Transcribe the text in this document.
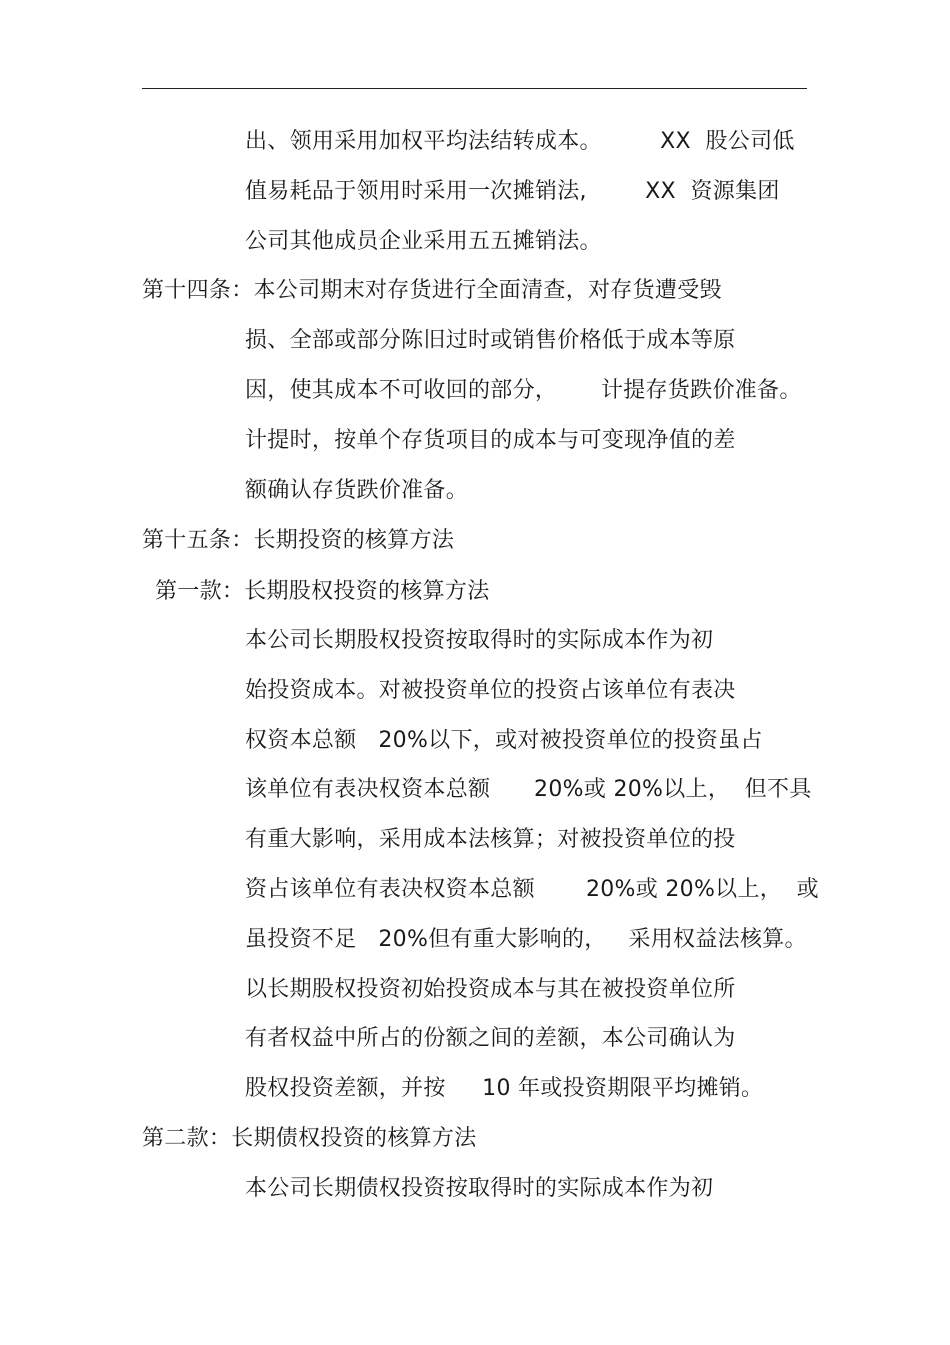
出、领用采用加权平均法结转成本。        XX  股公司低
值易耗品于领用时采用一次摊销法,        XX  资源集团
公司其他成员企业采用五五摊销法。
第十四条：本公司期末对存货进行全面清查，对存货遭受毁
损、全部或部分陈旧过时或销售价格低于成本等原
因，使其成本不可收回的部分，      计提存货跌价准备。
计提时，按单个存货项目的成本与可变现净值的差
额确认存货跌价准备。
第十五条：长期投资的核算方法
第一款：长期股权投资的核算方法
本公司长期股权投资按取得时的实际成本作为初
始投资成本。对被投资单位的投资占该单位有表决
权资本总额   20%以下，或对被投资单位的投资虽占
该单位有表决权资本总额      20%或 20%以上，  但不具
有重大影响，采用成本法核算；对被投资单位的投
资占该单位有表决权资本总额       20%或 20%以上，  或
虽投资不足   20%但有重大影响的，   采用权益法核算。
以长期股权投资初始投资成本与其在被投资单位所
有者权益中所占的份额之间的差额，本公司确认为
股权投资差额，并按     10 年或投资期限平均摊销。
第二款：长期债权投资的核算方法
本公司长期债权投资按取得时的实际成本作为初
